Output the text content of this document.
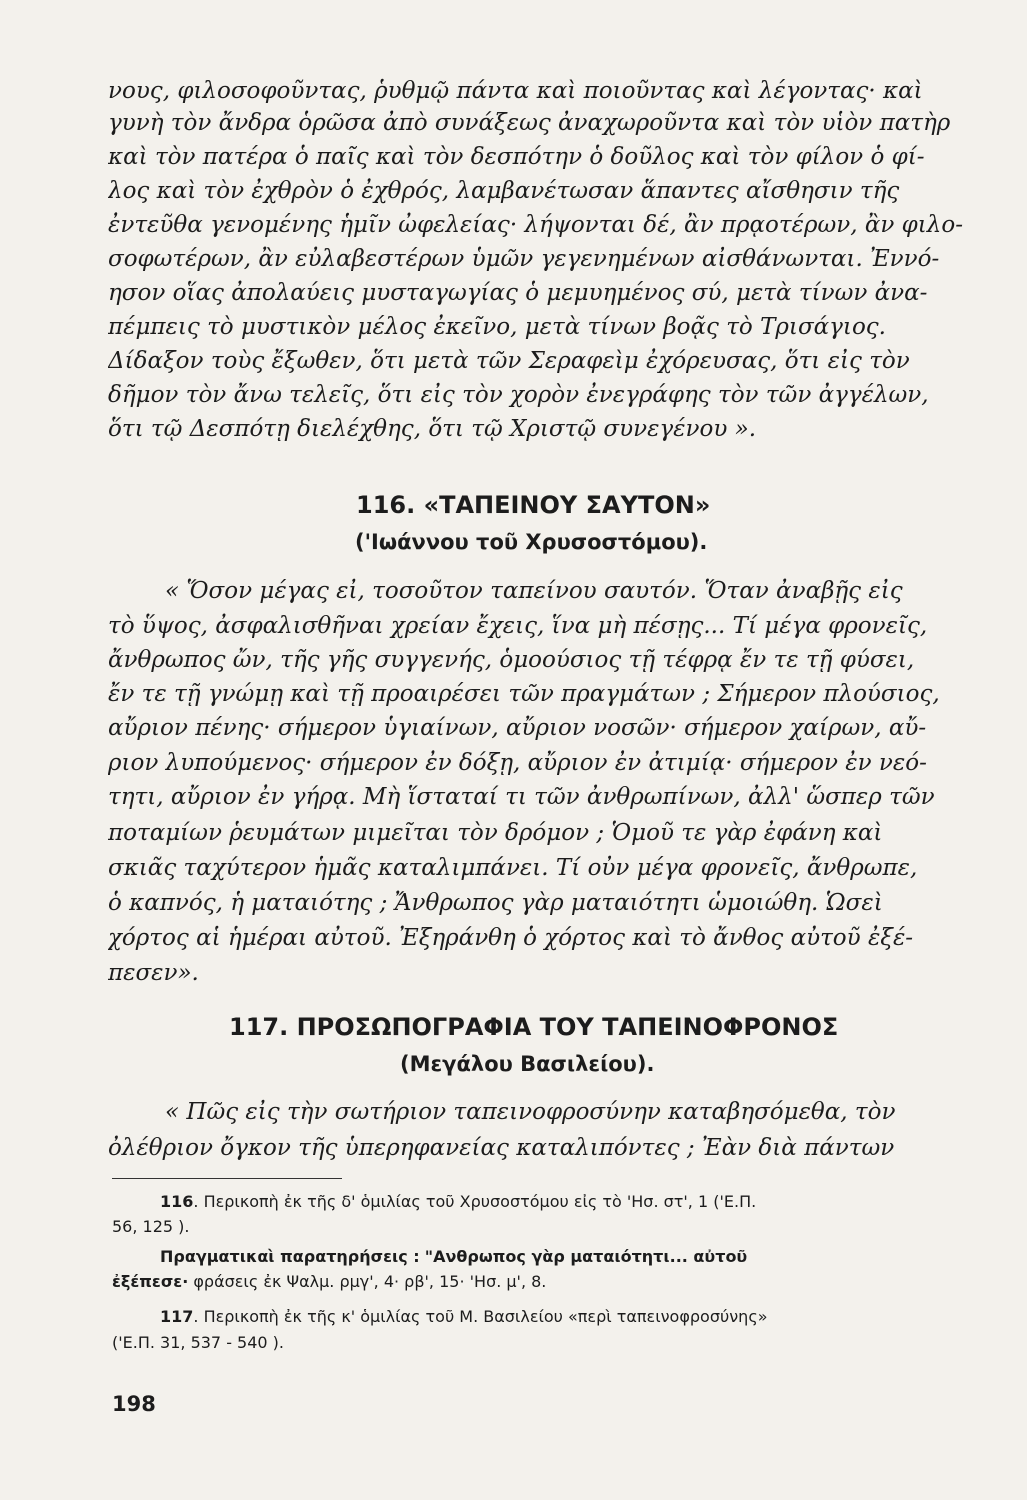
νους, φιλοσοφοῦντας, ῥυθμῷ πάντα καὶ ποιοῦντας καὶ λέγοντας· καὶ
γυνὴ τὸν ἄνδρα ὁρῶσα ἀπὸ συνάξεως ἀναχωροῦντα καὶ τὸν υἱὸν πατὴρ
καὶ τὸν πατέρα ὁ παῖς καὶ τὸν δεσπότην ὁ δοῦλος καὶ τὸν φίλον ὁ φί-
λος καὶ τὸν ἐχθρὸν ὁ ἐχθρός, λαμβανέτωσαν ἅπαντες αἴσθησιν τῆς
ἐντεῦθα γενομένης ἡμῖν ὠφελείας· λήψονται δέ, ἂν πρᾳοτέρων, ἂν φιλο-
σοφωτέρων, ἂν εὐλαβεστέρων ὑμῶν γεγενημένων αἰσθάνωνται. Ἐννό-
ησον οἵας ἀπολαύεις μυσταγωγίας ὁ μεμυημένος σύ, μετὰ τίνων ἀνα-
πέμπεις τὸ μυστικὸν μέλος ἐκεῖνο, μετὰ τίνων βοᾷς τὸ Τρισάγιος.
Δίδαξον τοὺς ἔξωθεν, ὅτι μετὰ τῶν Σεραφεὶμ ἐχόρευσας, ὅτι εἰς τὸν
δῆμον τὸν ἄνω τελεῖς, ὅτι εἰς τὸν χορὸν ἐνεγράφης τὸν τῶν ἀγγέλων,
ὅτι τῷ Δεσπότῃ διελέχθης, ὅτι τῷ Χριστῷ συνεγένου ».
116. «ΤΑΠΕΙΝΟΥ ΣΑΥΤΟΝ»
('Ιωάννου τοῦ Χρυσοστόμου).
« Ὅσον μέγας εἶ, τοσοῦτον ταπείνου σαυτόν. Ὅταν ἀναβῇς εἰς
τὸ ὕψος, ἀσφαλισθῆναι χρείαν ἔχεις, ἵνα μὴ πέσῃς... Τί μέγα φρονεῖς,
ἄνθρωπος ὤν, τῆς γῆς συγγενής, ὁμοούσιος τῇ τέφρᾳ ἔν τε τῇ φύσει,
ἔν τε τῇ γνώμῃ καὶ τῇ προαιρέσει τῶν πραγμάτων ; Σήμερον πλούσιος,
αὔριον πένης· σήμερον ὑγιαίνων, αὔριον νοσῶν· σήμερον χαίρων, αὔ-
ριον λυπούμενος· σήμερον ἐν δόξῃ, αὔριον ἐν ἀτιμίᾳ· σήμερον ἐν νεό-
τητι, αὔριον ἐν γήρᾳ. Μὴ ἵσταταί τι τῶν ἀνθρωπίνων, ἀλλ' ὥσπερ τῶν
ποταμίων ῥευμάτων μιμεῖται τὸν δρόμον ; Ὁμοῦ τε γὰρ ἐφάνη καὶ
σκιᾶς ταχύτερον ἡμᾶς καταλιμπάνει. Τί οὖν μέγα φρονεῖς, ἄνθρωπε,
ὁ καπνός, ἡ ματαιότης ; Ἄνθρωπος γὰρ ματαιότητι ὡμοιώθη. Ὡσεὶ
χόρτος αἱ ἡμέραι αὐτοῦ. Ἐξηράνθη ὁ χόρτος καὶ τὸ ἄνθος αὐτοῦ ἐξέ-
πεσεν».
117. ΠΡΟΣΩΠΟΓΡΑΦΙΑ ΤΟΥ ΤΑΠΕΙΝΟΦΡΟΝΟΣ
(Μεγάλου Βασιλείου).
« Πῶς εἰς τὴν σωτήριον ταπεινοφροσύνην καταβησόμεθα, τὸν
ὀλέθριον ὄγκον τῆς ὑπερηφανείας καταλιπόντες ; Ἐὰν διὰ πάντων
116. Περικοπὴ ἐκ τῆς δ' ὁμιλίας τοῦ Χρυσοστόμου εἰς τὸ 'Ησ. στ', 1 ('Ε.Π.
56, 125 ).
Πραγματικαὶ παρατηρήσεις : "Ανθρωπος γὰρ ματαιότητι... αὐτοῦ
ἐξέπεσε· φράσεις ἐκ Ψαλμ. ρμγ', 4· ρβ', 15· 'Ησ. μ', 8.
117. Περικοπὴ ἐκ τῆς κ' ὁμιλίας τοῦ Μ. Βασιλείου «περὶ ταπεινοφροσύνης»
('Ε.Π. 31, 537 - 540 ).
198
